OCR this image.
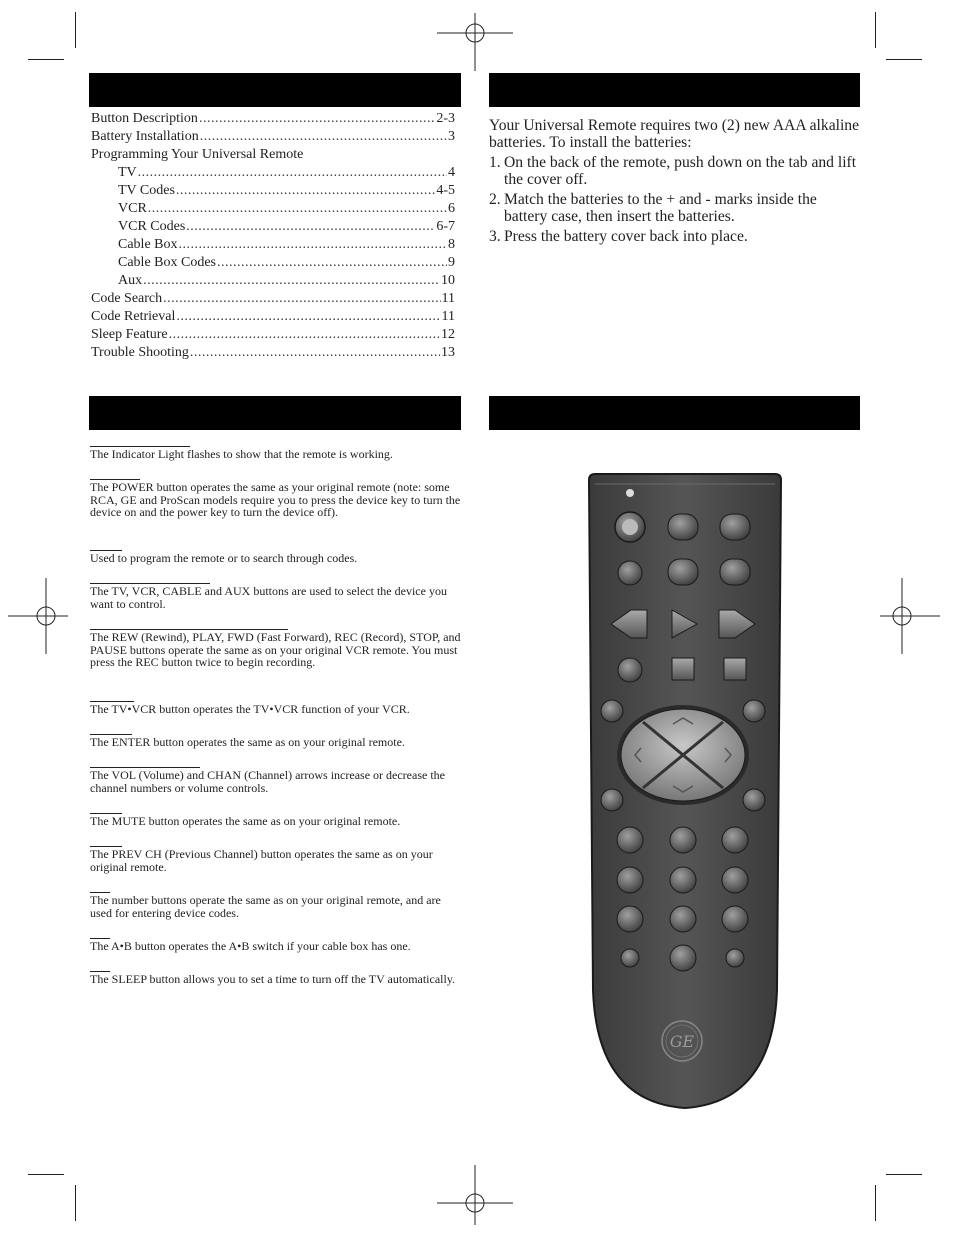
Button Description .....	2-3
Battery Installation .....	3
Programming Your Universal Remote
TV .....	4
TV Codes .....	4-5
VCR .....	6
VCR Codes .....	6-7
Cable Box .....	8
Cable Box Codes .....	9
Aux .....	10
Code Search .....	11
Code Retrieval .....	11
Sleep Feature .....	12
Trouble Shooting .....	13

Your Universal Remote requires two (2) new AAA alkaline batteries. To install the batteries:

1. On the back of the remote, push down on the tab and lift the cover off.
2. Match the batteries to the + and - marks inside the battery case, then insert the batteries.
3. Press the battery cover back into place.
The Indicator Light flashes to show that the remote is working.
The POWER button operates the same as your original remote (note: some RCA, GE and ProScan models require you to press the device key to turn the device on and the power key to turn the device off).
Used to program the remote or to search through codes.
The TV, VCR, CABLE and AUX buttons are used to select the device you want to control.
The REW (Rewind), PLAY, FWD (Fast Forward), REC (Record), STOP, and PAUSE buttons operate the same as on your original VCR remote. You must press the REC button twice to begin recording.
The TV•VCR button operates the TV•VCR function of your VCR.
The ENTER button operates the same as on your original remote.
The VOL (Volume) and CHAN (Channel) arrows increase or decrease the channel numbers or volume controls.
The MUTE button operates the same as on your original remote.
The PREV CH (Previous Channel) button operates the same as on your original remote.
The number buttons operate the same as on your original remote, and are used for entering device codes.
The A•B button operates the A•B switch if your cable box has one.
The SLEEP button allows you to set a time to turn off the TV automatically.
GE
